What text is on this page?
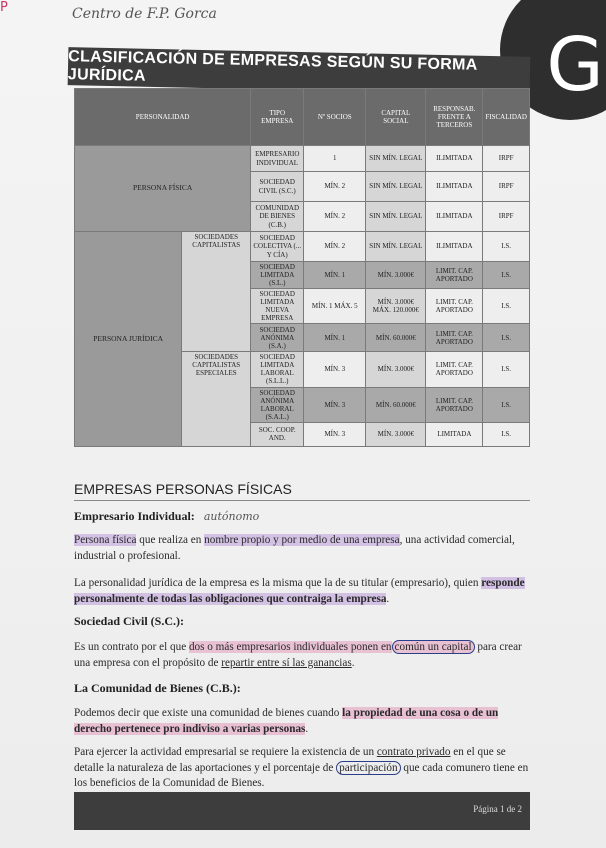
P	Centro de F.P. Gorca
G
CLASIFICACIÓN DE EMPRESAS SEGÚN SU FORMA JURÍDICA
PERSONALIDAD		TIPO EMPRESA	Nº SOCIOS	CAPITAL SOCIAL	RESPONSAB. FRENTE A TERCEROS	FISCALIDAD
PERSONA FÍSICA		EMPRESARIO INDIVIDUAL	1	SIN MÍN. LEGAL	ILIMITADA	IRPF
		SOCIEDAD CIVIL (S.C.)	MÍN. 2	SIN MÍN. LEGAL	ILIMITADA	IRPF
		COMUNIDAD DE BIENES (C.B.)	MÍN. 2	SIN MÍN. LEGAL	ILIMITADA	IRPF
PERSONA JURÍDICA	SOCIEDADES CAPITALISTAS	SOCIEDAD COLECTIVA (... Y CÍA)	MÍN. 2	SIN MÍN. LEGAL	ILIMITADA	I.S.
		SOCIEDAD LIMITADA (S.L.)	MÍN. 1	MÍN. 3.000€	LIMIT. CAP. APORTADO	I.S.
		SOCIEDAD LIMITADA NUEVA EMPRESA	MÍN. 1 MÁX. 5	MÍN. 3.000€ MÁX. 120.000€	LIMIT. CAP. APORTADO	I.S.
		SOCIEDAD ANÓNIMA (S.A.)	MÍN. 1	MÍN. 60.000€	LIMIT. CAP. APORTADO	I.S.
	SOCIEDADES CAPITALISTAS ESPECIALES	SOCIEDAD LIMITADA LABORAL (S.L.L.)	MÍN. 3	MÍN. 3.000€	LIMIT. CAP. APORTADO	I.S.
		SOCIEDAD ANÓNIMA LABORAL (S.A.L.)	MÍN. 3	MÍN. 60.000€	LIMIT. CAP. APORTADO	I.S.
		SOC. COOP. AND.	MÍN. 3	MÍN. 3.000€	LIMITADA	I.S.
EMPRESAS PERSONAS FÍSICAS
Empresario Individual: autónomo
Persona física que realiza en nombre propio y por medio de una empresa, una actividad comercial, industrial o profesional.
La personalidad jurídica de la empresa es la misma que la de su titular (empresario), quien responde personalmente de todas las obligaciones que contraiga la empresa.
Sociedad Civil (S.C.):
Es un contrato por el que dos o más empresarios individuales ponen en común un capital para crear una empresa con el propósito de repartir entre sí las ganancias.
La Comunidad de Bienes (C.B.):
Podemos decir que existe una comunidad de bienes cuando la propiedad de una cosa o de un derecho pertenece pro indiviso a varias personas.
Para ejercer la actividad empresarial se requiere la existencia de un contrato privado en el que se detalle la naturaleza de las aportaciones y el porcentaje de participación que cada comunero tiene en los beneficios de la Comunidad de Bienes.
Página 1 de 2
